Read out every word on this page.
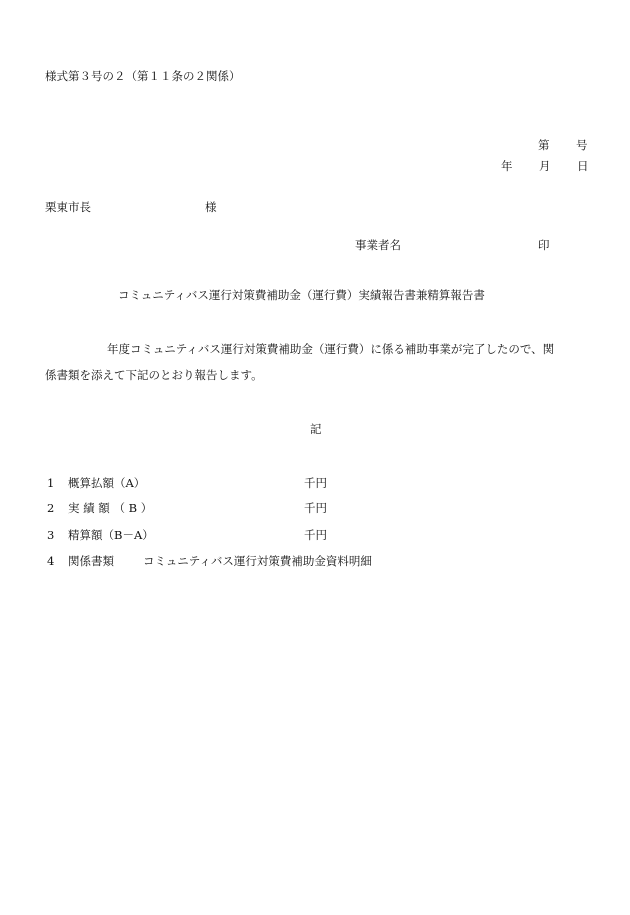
様式第３号の２（第１１条の２関係）
第 号
年 月 日
栗東市長	様
事業者名	印
コミュニティバス運行対策費補助金（運行費）実績報告書兼精算報告書
年度コミュニティバス運行対策費補助金（運行費）に係る補助事業が完了したので、関
係書類を添えて下記のとおり報告します。
記
1 概算払額（A）	千円
2 実 績 額 （ B ）	千円
3 精算額（B－A）	千円
4 関係書類	コミュニティバス運行対策費補助金資料明細
